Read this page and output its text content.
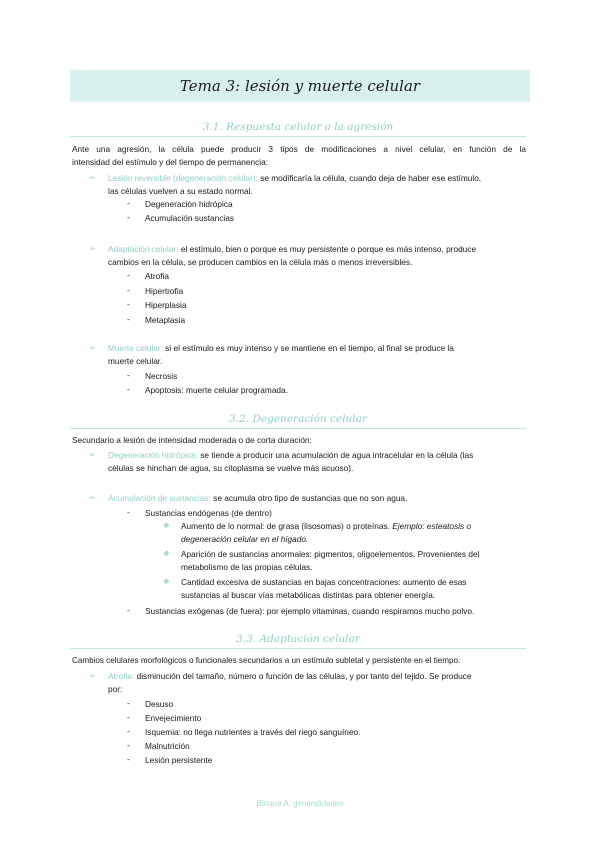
Tema 3: lesión y muerte celular
3.1. Respuesta celular a la agresión
Ante una agresión, la célula puede producir 3 tipos de modificaciones a nivel celular, en función de la
intensidad del estímulo y del tiempo de permanencia:
➢ Lesión reversible (degeneración celular): se modificaría la célula, cuando deja de haber ese estímulo,
las células vuelven a su estado normal.
- Degeneración hidrópica
- Acumulación sustancias
➢ Adaptación celular: el estímulo, bien o porque es muy persistente o porque es más intenso, produce
cambios en la célula, se producen cambios en la célula más o menos irreversibles.
- Atrofia
- Hipertrofia
- Hiperplasia
- Metaplasia
➢ Muerte celular: si el estímulo es muy intenso y se mantiene en el tiempo, al final se produce la
muerte celular.
- Necrosis
- Apoptosis: muerte celular programada.
3.2. Degeneración celular
Secundario a lesión de intensidad moderada o de corta duración:
➢ Degeneración hidrópica: se tiende a producir una acumulación de agua intracelular en la célula (las
células se hinchan de agua, su citoplasma se vuelve más acuoso).
➢ Acumulación de sustancias: se acumula otro tipo de sustancias que no son agua.
- Sustancias endógenas (de dentro)
❖ Aumento de lo normal: de grasa (lisosomas) o proteínas. Ejemplo: esteatosis o
degeneración celular en el hígado.
❖ Aparición de sustancias anormales: pigmentos, oligoelementos. Provenientes del
metabolismo de las propias células.
❖ Cantidad excesiva de sustancias en bajas concentraciones: aumento de esas
sustancias al buscar vías metabólicas distintas para obtener energía.
- Sustancias exógenas (de fuera): por ejemplo vitaminas, cuando respiramos mucho polvo.
3.3. Adaptación celular
Cambios celulares morfológicos o funcionales secundarios a un estímulo subletal y persistente en el tiempo.
➢ Atrofia: disminución del tamaño, número o función de las células, y por tanto del tejido. Se produce
por:
- Desuso
- Envejecimiento
- Isquemia: no llega nutrientes a través del riego sanguíneo.
- Malnutrición
- Lesión persistente
Bloque A: generalidades
